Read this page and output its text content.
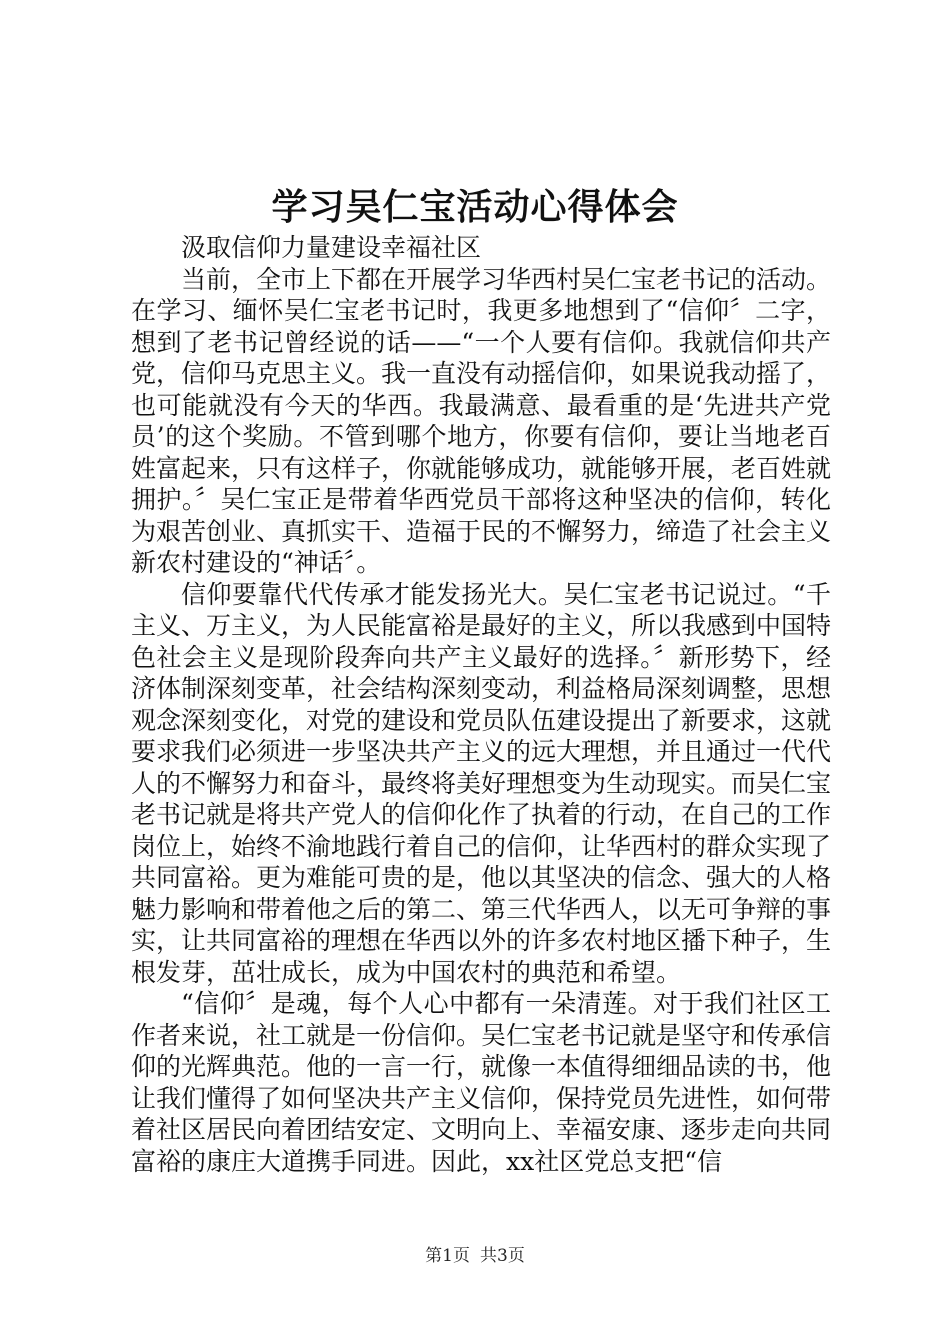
学习吴仁宝活动心得体会

汲取信仰力量建设幸福社区

当前，全市上下都在开展学习华西村吴仁宝老书记的活动。在学习、缅怀吴仁宝老书记时，我更多地想到了“信仰〞二字，想到了老书记曾经说的话——“一个人要有信仰。我就信仰共产党，信仰马克思主义。我一直没有动摇信仰，如果说我动摇了，也可能就没有今天的华西。我最满意、最看重的是‘先进共产党员’的这个奖励。不管到哪个地方，你要有信仰，要让当地老百姓富起来，只有这样子，你就能够成功，就能够开展，老百姓就拥护。〞吴仁宝正是带着华西党员干部将这种坚决的信仰，转化为艰苦创业、真抓实干、造福于民的不懈努力，缔造了社会主义新农村建设的“神话〞。

信仰要靠代代传承才能发扬光大。吴仁宝老书记说过。“千主义、万主义，为人民能富裕是最好的主义，所以我感到中国特色社会主义是现阶段奔向共产主义最好的选择。〞新形势下，经济体制深刻变革，社会结构深刻变动，利益格局深刻调整，思想观念深刻变化，对党的建设和党员队伍建设提出了新要求，这就要求我们必须进一步坚决共产主义的远大理想，并且通过一代代人的不懈努力和奋斗，最终将美好理想变为生动现实。而吴仁宝老书记就是将共产党人的信仰化作了执着的行动，在自己的工作岗位上，始终不渝地践行着自己的信仰，让华西村的群众实现了共同富裕。更为难能可贵的是，他以其坚决的信念、强大的人格魅力影响和带着他之后的第二、第三代华西人，以无可争辩的事实，让共同富裕的理想在华西以外的许多农村地区播下种子，生根发芽，茁壮成长，成为中国农村的典范和希望。

“信仰〞是魂，每个人心中都有一朵清莲。对于我们社区工作者来说，社工就是一份信仰。吴仁宝老书记就是坚守和传承信仰的光辉典范。他的一言一行，就像一本值得细细品读的书，他让我们懂得了如何坚决共产主义信仰，保持党员先进性，如何带着社区居民向着团结安定、文明向上、幸福安康、逐步走向共同富裕的康庄大道携手同进。因此，xx社区党总支把“信

第1页 共3页
